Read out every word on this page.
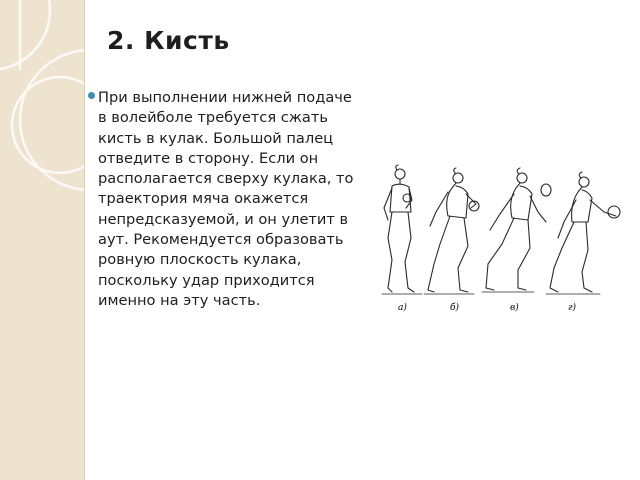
2. Кисть

При выполнении нижней подаче в волейболе требуется сжать кисть в кулак. Большой палец отведите в сторону. Если он располагается сверху кулака, то траектория мяча окажется непредсказуемой, и он улетит в аут. Рекомендуется образовать ровную плоскость кулака, поскольку удар приходится именно на эту часть.	а)	б)	в)	г)
